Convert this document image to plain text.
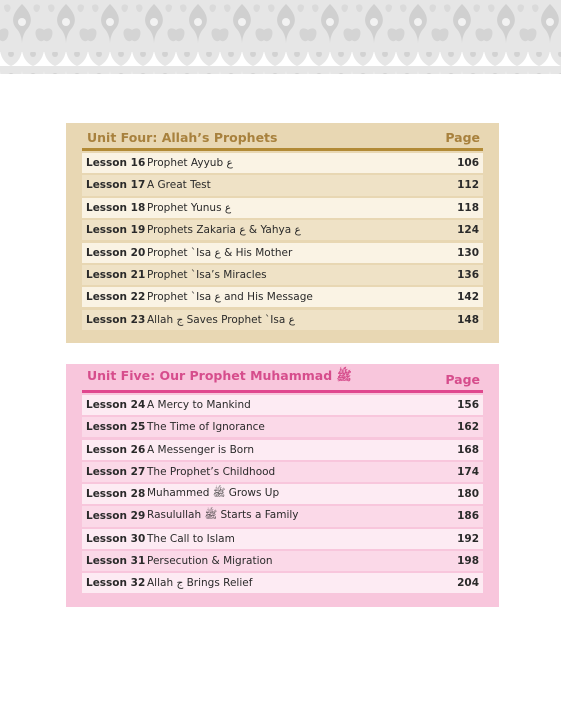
Unit Four: Allah’s Prophets	Page
Lesson 16 Prophet Ayyub ع	106
Lesson 17 A Great Test	112
Lesson 18 Prophet Yunus ع	118
Lesson 19 Prophets Zakaria ع & Yahya ع	124
Lesson 20 Prophet `Isa ع & His Mother	130
Lesson 21 Prophet `Isa’s Miracles	136
Lesson 22 Prophet `Isa ع and His Message	142
Lesson 23 Allah ج Saves Prophet `Isa ع	148
Unit Five: Our Prophet Muhammad ﷺ	Page
Lesson 24 A Mercy to Mankind	156
Lesson 25 The Time of Ignorance	162
Lesson 26 A Messenger is Born	168
Lesson 27 The Prophet’s Childhood	174
Lesson 28 Muhammed ﷺ Grows Up	180
Lesson 29 Rasulullah ﷺ Starts a Family	186
Lesson 30 The Call to Islam	192
Lesson 31 Persecution & Migration	198
Lesson 32 Allah ج Brings Relief	204
